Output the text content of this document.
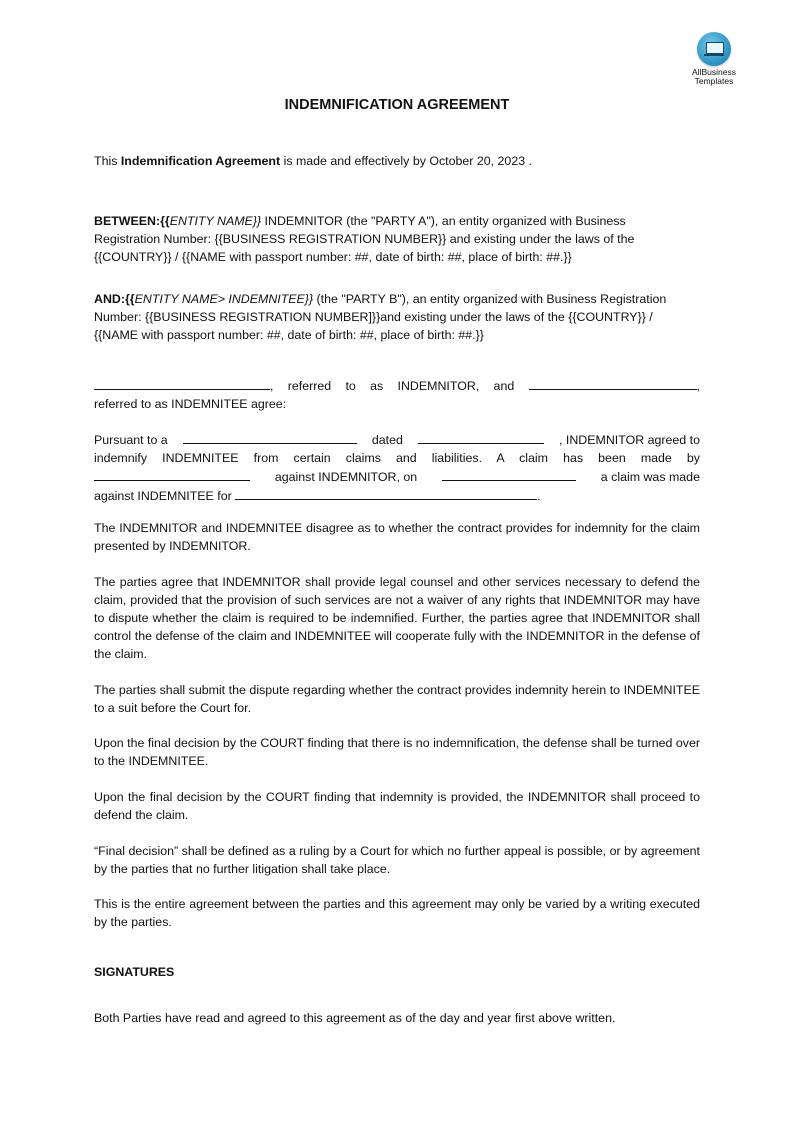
AllBusiness
Templates
INDEMNIFICATION AGREEMENT

This Indemnification Agreement is made and effectively by October 20, 2023 .

BETWEEN:{{ENTITY NAME}} INDEMNITOR (the "PARTY A"), an entity organized with Business

Registration Number: {{BUSINESS REGISTRATION NUMBER}} and existing under the laws of the

{{COUNTRY}} / {{NAME with passport number: ##, date of birth: ##, place of birth: ##.}}

AND:{{ENTITY NAME> INDEMNITEE}} (the "PARTY B"), an entity organized with Business Registration

Number: {{BUSINESS REGISTRATION NUMBER]}}and existing under the laws of the {{COUNTRY}} /

{{NAME with passport number: ##, date of birth: ##, place of birth: ##.}}

, referred to as INDEMNITOR, and	,

referred to as INDEMNITEE agree:

Pursuant to a	dated	, INDEMNITOR agreed to

indemnify INDEMNITEE from certain claims and liabilities. A claim has been made by

against INDEMNITOR, on	a claim was made

against INDEMNITEE for	.

The INDEMNITOR and INDEMNITEE disagree as to whether the contract provides for indemnity for the claim presented by INDEMNITOR.

The parties agree that INDEMNITOR shall provide legal counsel and other services necessary to defend the claim, provided that the provision of such services are not a waiver of any rights that INDEMNITOR may have to dispute whether the claim is required to be indemnified. Further, the parties agree that INDEMNITOR shall control the defense of the claim and INDEMNITEE will cooperate fully with the INDEMNITOR in the defense of the claim.

The parties shall submit the dispute regarding whether the contract provides indemnity herein to INDEMNITEE to a suit before the Court for.

Upon the final decision by the COURT finding that there is no indemnification, the defense shall be turned over to the INDEMNITEE.

Upon the final decision by the COURT finding that indemnity is provided, the INDEMNITOR shall proceed to defend the claim.

“Final decision” shall be defined as a ruling by a Court for which no further appeal is possible, or by agreement by the parties that no further litigation shall take place.

This is the entire agreement between the parties and this agreement may only be varied by a writing executed by the parties.

SIGNATURES

Both Parties have read and agreed to this agreement as of the day and year first above written.
